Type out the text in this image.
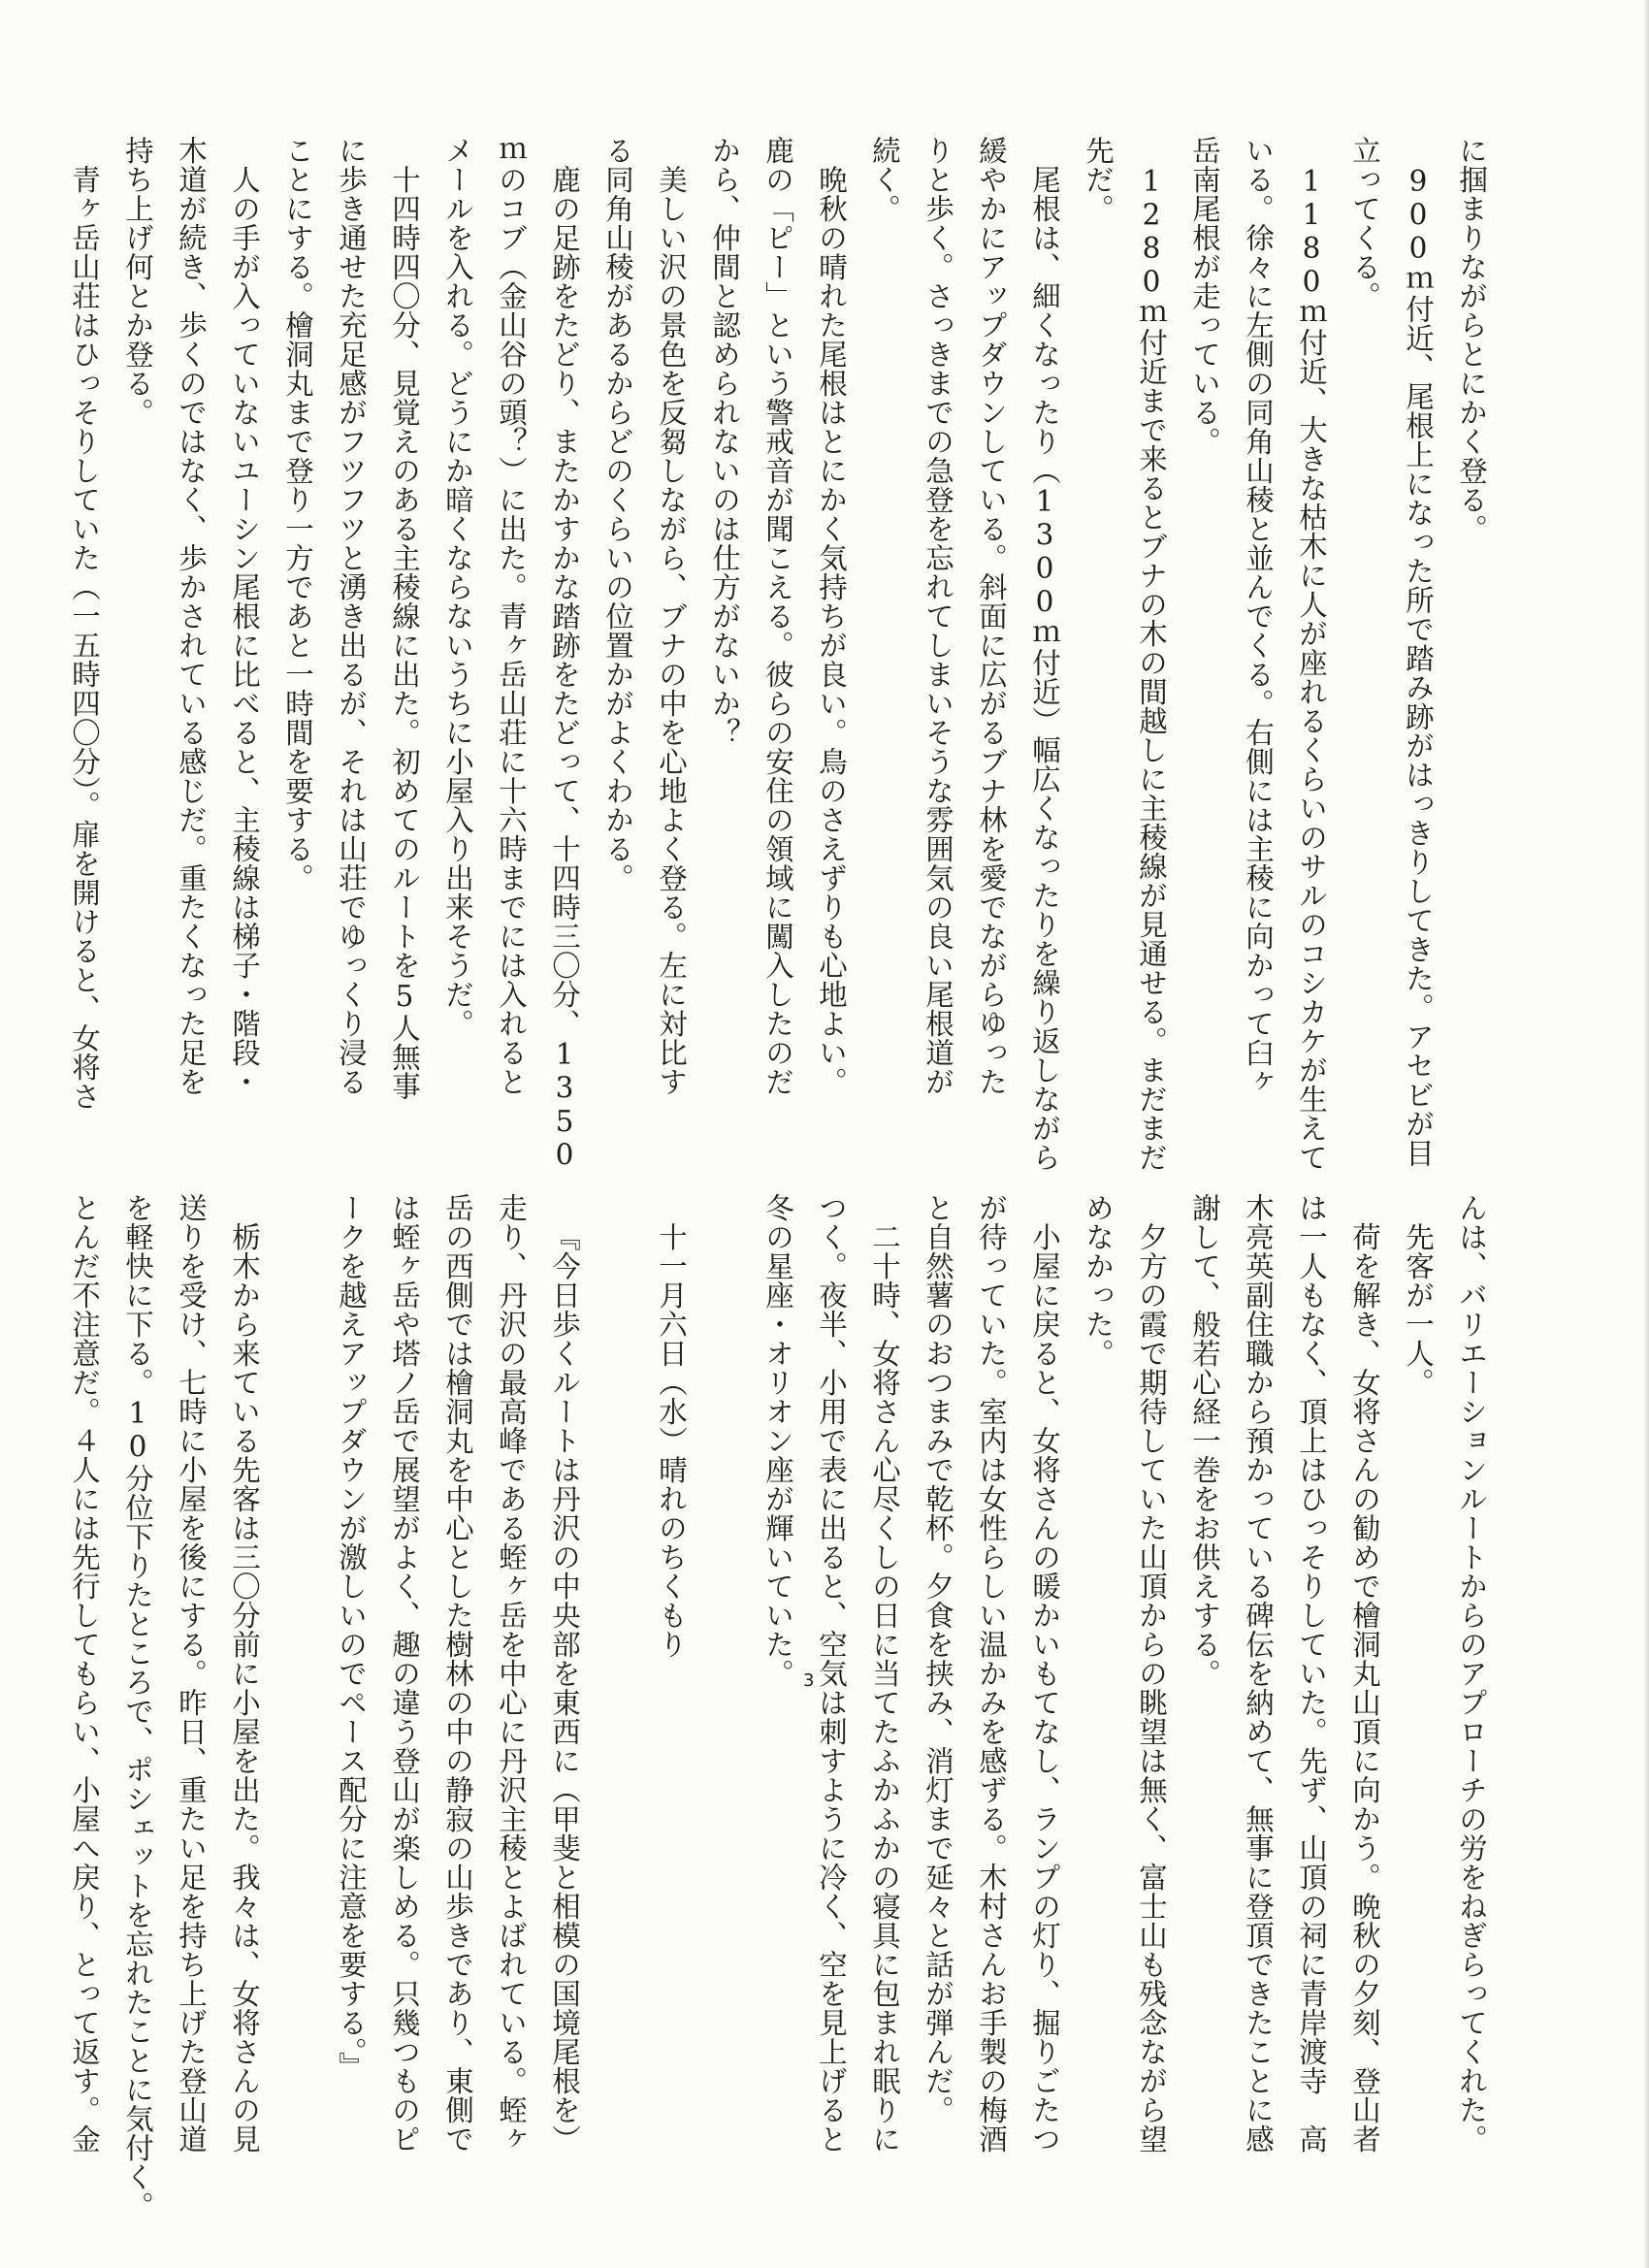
に掴まりながらとにかく登る。
900ｍ付近、尾根上になった所で踏み跡がはっきりしてきた。アセビが目
立ってくる。
1180ｍ付近、大きな枯木に人が座れるくらいのサルのコシカケが生えて
いる。徐々に左側の同角山稜と並んでくる。右側には主稜に向かって臼ヶ
岳南尾根が走っている。
1280ｍ付近まで来るとブナの木の間越しに主稜線が見通せる。まだまだ
先だ。
尾根は、細くなったり（1300ｍ付近）幅広くなったりを繰り返しながら
緩やかにアップダウンしている。斜面に広がるブナ林を愛でながらゆった
りと歩く。さっきまでの急登を忘れてしまいそうな雰囲気の良い尾根道が
続く。
晩秋の晴れた尾根はとにかく気持ちが良い。鳥のさえずりも心地よい。
鹿の「ピー」という警戒音が聞こえる。彼らの安住の領域に闖入したのだ
から、仲間と認められないのは仕方がないか？
美しい沢の景色を反芻しながら、ブナの中を心地よく登る。左に対比す
る同角山稜があるからどのくらいの位置かがよくわかる。
鹿の足跡をたどり、またかすかな踏跡をたどって、十四時三〇分、1350
ｍのコブ（金山谷の頭？）に出た。青ヶ岳山荘に十六時までには入れると
メールを入れる。どうにか暗くならないうちに小屋入り出来そうだ。
十四時四〇分、見覚えのある主稜線に出た。初めてのルートを5人無事
に歩き通せた充足感がフツフツと湧き出るが、それは山荘でゆっくり浸る
ことにする。檜洞丸まで登り一方であと一時間を要する。
人の手が入っていないユーシン尾根に比べると、主稜線は梯子・階段・
木道が続き、歩くのではなく、歩かされている感じだ。重たくなった足を
持ち上げ何とか登る。
青ヶ岳山荘はひっそりしていた（一五時四〇分）。扉を開けると、女将さ
んは、バリエーションルートからのアプローチの労をねぎらってくれた。
先客が一人。
荷を解き、女将さんの勧めで檜洞丸山頂に向かう。晩秋の夕刻、登山者
は一人もなく、頂上はひっそりしていた。先ず、山頂の祠に青岸渡寺　高
木亮英副住職から預かっている碑伝を納めて、無事に登頂できたことに感
謝して、般若心経一巻をお供えする。
夕方の霞で期待していた山頂からの眺望は無く、富士山も残念ながら望
めなかった。
小屋に戻ると、女将さんの暖かいもてなし、ランプの灯り、掘りごたつ
が待っていた。室内は女性らしい温かみを感ずる。木村さんお手製の梅酒
と自然薯のおつまみで乾杯。夕食を挟み、消灯まで延々と話が弾んだ。
二十時、女将さん心尽くしの日に当てたふかふかの寝具に包まれ眠りに
つく。夜半、小用で表に出ると、空気は刺すように冷く、空を見上げると
冬の星座・オリオン座が輝いていた。
十一月六日（水）晴れのちくもり
『今日歩くルートは丹沢の中央部を東西に（甲斐と相模の国境尾根を）
走り、丹沢の最高峰である蛭ヶ岳を中心に丹沢主稜とよばれている。蛭ヶ
岳の西側では檜洞丸を中心とした樹林の中の静寂の山歩きであり、東側で
は蛭ヶ岳や塔ノ岳で展望がよく、趣の違う登山が楽しめる。只幾つものピ
ークを越えアップダウンが激しいのでペース配分に注意を要する。』
栃木から来ている先客は三〇分前に小屋を出た。我々は、女将さんの見
送りを受け、七時に小屋を後にする。昨日、重たい足を持ち上げた登山道
を軽快に下る。10分位下りたところで、ポシェットを忘れたことに気付く。
とんだ不注意だ。４人には先行してもらい、小屋へ戻り、とって返す。金	3
